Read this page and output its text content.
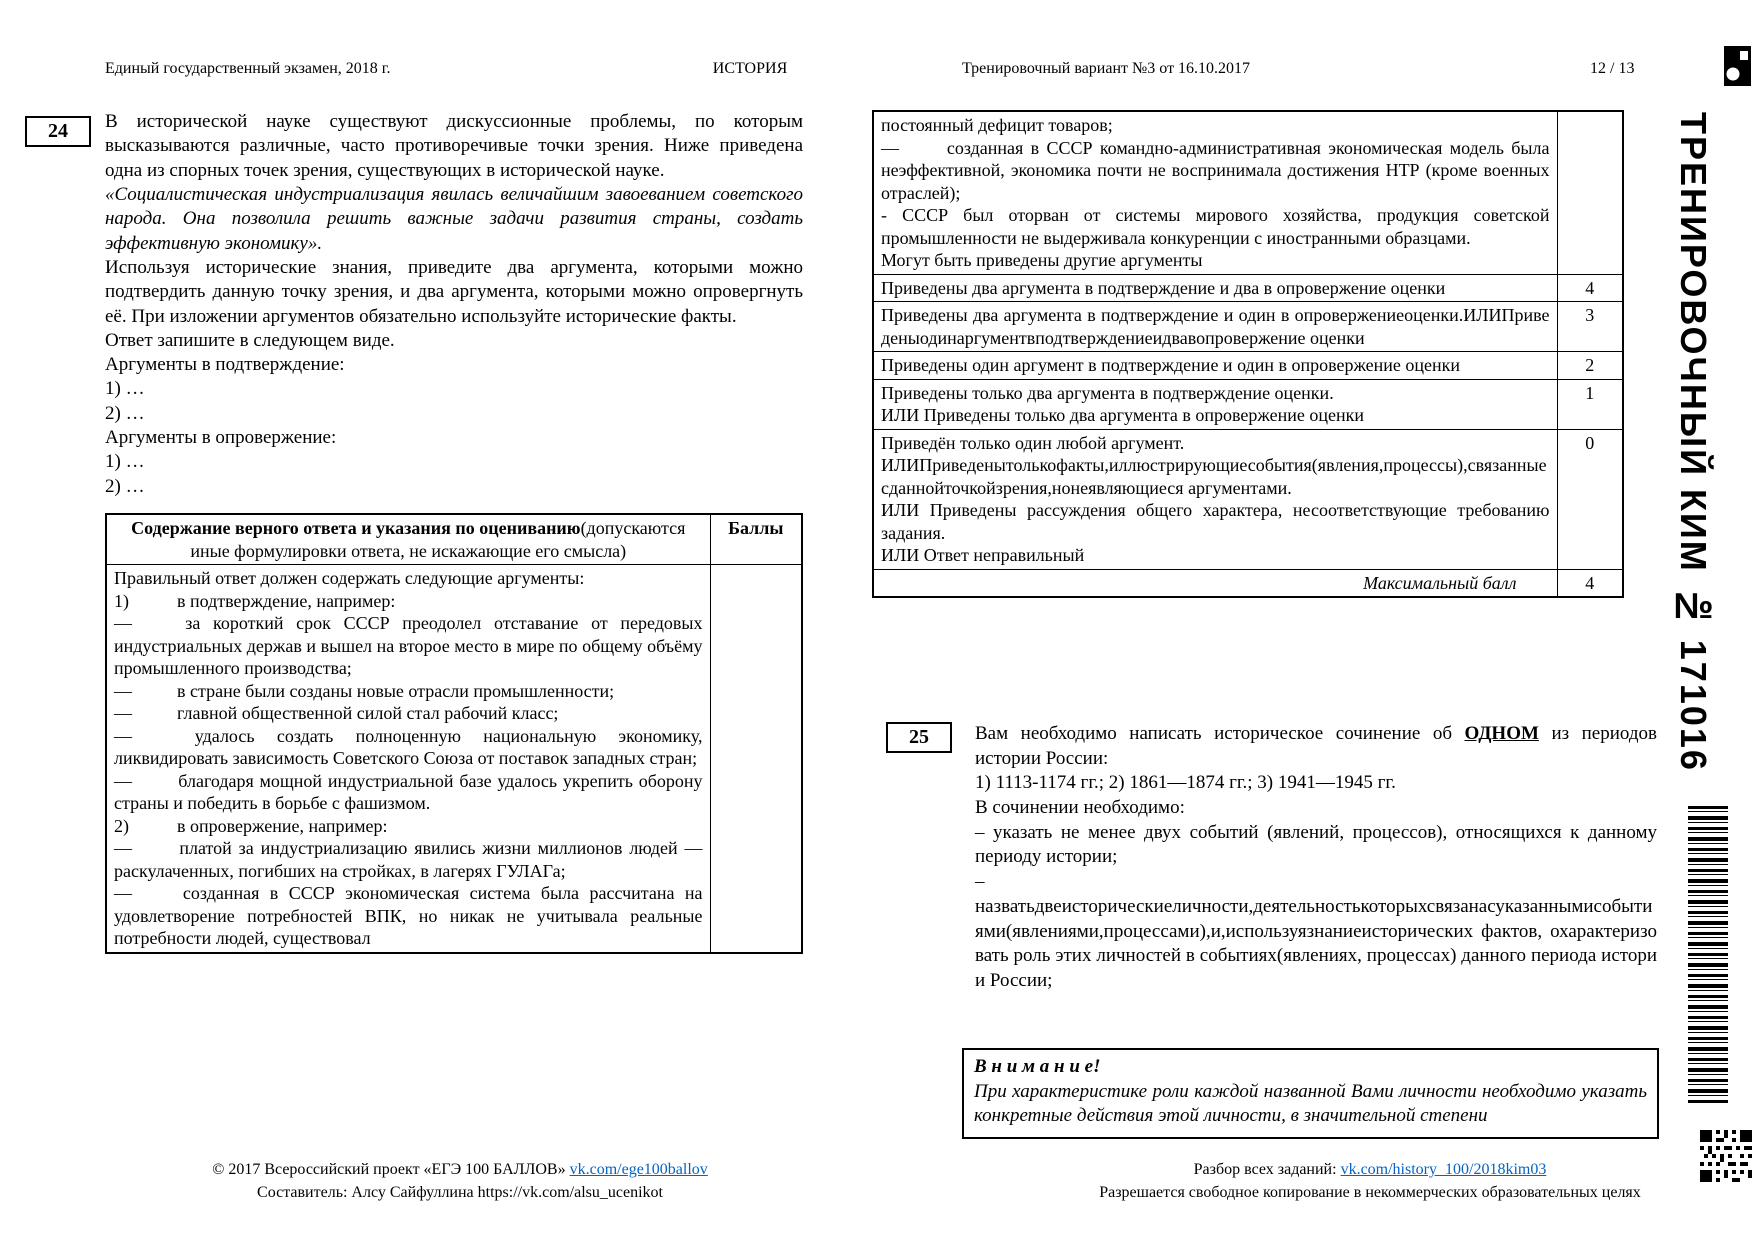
Единый государственный экзамен, 2018 г.	ИСТОРИЯ	Тренировочный вариант №3 от 16.10.2017	12 / 13
24	В исторической науке существуют дискуссионные проблемы, по которым высказываются различные, часто противоречивые точки зрения. Ниже приведена одна из спорных точек зрения, существующих в исторической науке.

«Социалистическая индустриализация явилась величайшим завоеванием советского народа. Она позволила решить важные задачи развития страны, создать эффективную экономику».

Используя исторические знания, приведите два аргумента, которыми можно подтвердить данную точку зрения, и два аргумента, которыми можно опровергнуть её. При изложении аргументов обязательно используйте исторические факты.

Ответ запишите в следующем виде.

Аргументы в подтверждение:

1) …

2) …

Аргументы в опровержение:

1) …

2) …

Содержание верного ответа и указания по оцениванию(допускаются иные формулировки ответа, не искажающие его смысла)	Баллы

Правильный ответ должен содержать следующие аргументы:
1)	в подтверждение, например:
—	за короткий срок СССР преодолел отставание от передовых индустриальных держав и вышел на второе место в мире по общему объёму промышленного производства;
—	в стране были созданы новые отрасли промышленности;
—	главной общественной силой стал рабочий класс;
—	удалось создать полноценную национальную экономику, ликвидировать зависимость Советского Союза от поставок западных стран;
—	благодаря мощной индустриальной базе удалось укрепить оборону страны и победить в борьбе с фашизмом.
2)	в опровержение, например:
—	платой за индустриализацию явились жизни миллионов людей — раскулаченных, погибших на стройках, в лагерях ГУЛАГа;
—	созданная в СССР экономическая система была рассчитана на удовлетворение потребностей ВПК, но никак не учитывала реальные потребности людей, существовал

постоянный дефицит товаров;
—	созданная в СССР командно-административная экономическая модель была неэффективной, экономика почти не воспринимала достижения НТР (кроме военных отраслей);
- СССР был оторван от системы мирового хозяйства, продукция советской промышленности не выдерживала конкуренции с иностранными образцами.
Могут быть приведены другие аргументы	

Приведены два аргумента в подтверждение и два в опровержение оценки	4

Приведены два аргумента в подтверждение и один в опровержениеоценки.ИЛИПриведеныодинаргументвподтверждениеидвавопровержение оценки	3

Приведены один аргумент в подтверждение и один в опровержение оценки	2

Приведены только два аргумента в подтверждение оценки.
ИЛИ Приведены только два аргумента в опровержение оценки	1

Приведён только один любой аргумент.
ИЛИПриведенытолькофакты,иллюстрирующиесобытия(явления,процессы),связанныесданнойточкойзрения,нонеявляющиеся аргументами.
ИЛИ Приведены рассуждения общего характера, несоответствующие требованию задания.
ИЛИ Ответ неправильный	0
Максимальный балл	4
25	Вам необходимо написать историческое сочинение об ОДНОМ из периодов истории России:

1) 1113-1174 гг.; 2) 1861—1874 гг.; 3) 1941—1945 гг.

В сочинении необходимо:

– указать не менее двух событий (явлений, процессов), относящихся к данному периоду истории;

–

назватьдвеисторическиеличности,деятельностькоторыхсвязанасуказаннымисобытиями(явлениями,процессами),и,используязнаниеисторических фактов, охарактеризовать роль этих личностей в событиях(явлениях, процессах) данного периода истории России;

В н и м а н и е!

При характеристике роли каждой названной Вами личности необходимо указать конкретные действия этой личности, в значительной степени

© 2017 Всероссийский проект «ЕГЭ 100 БАЛЛОВ» vk.com/ege100ballov
Составитель: Алсу Сайфуллина https://vk.com/alsu_ucenikot
Разбор всех заданий: vk.com/history_100/2018kim03
Разрешается свободное копирование в некоммерческих образовательных целях
ТРЕНИРОВОЧНЫЙ КИМ № 171016
